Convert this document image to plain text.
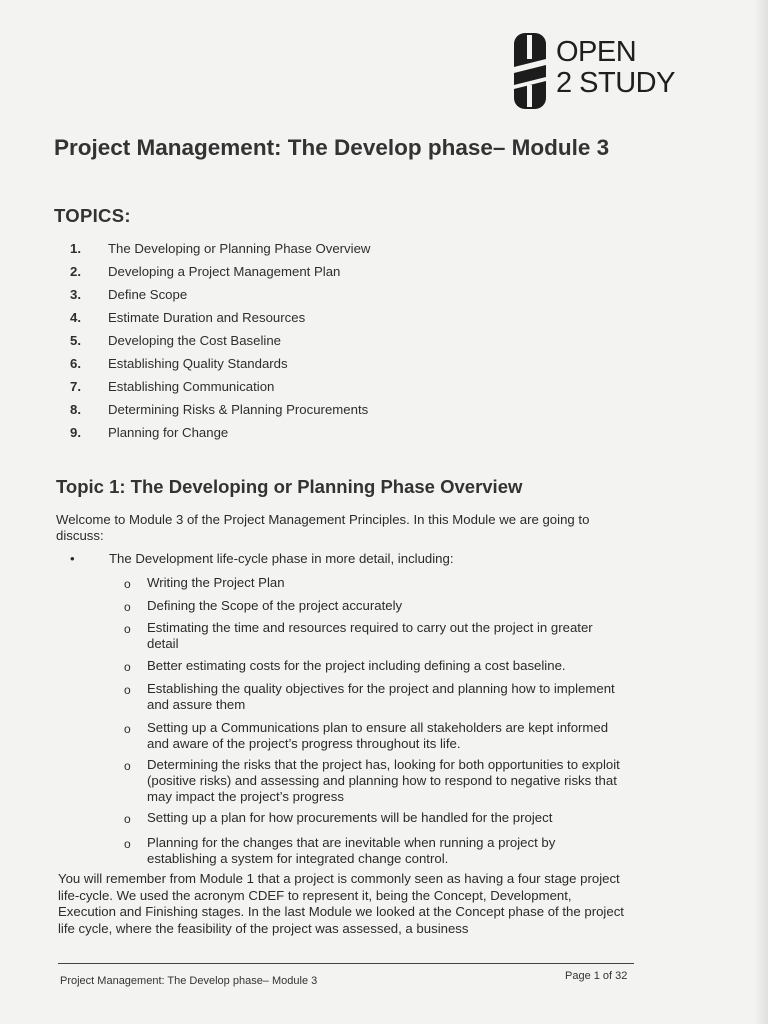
OPEN
2 STUDY
Project Management: The Develop phase– Module 3
TOPICS:
1.	The Developing or Planning Phase Overview
2.	Developing a Project Management Plan
3.	Define Scope
4.	Estimate Duration and Resources
5.	Developing the Cost Baseline
6.	Establishing Quality Standards
7.	Establishing Communication
8.	Determining Risks & Planning Procurements
9.	Planning for Change
Topic 1: The Developing or Planning Phase Overview
Welcome to Module 3 of the Project Management Principles. In this Module we are going to discuss:
•	The Development life-cycle phase in more detail, including:
o Writing the Project Plan
o Defining the Scope of the project accurately
o Estimating the time and resources required to carry out the project in greater detail
o Better estimating costs for the project including defining a cost baseline.
o Establishing the quality objectives for the project and planning how to implement and assure them
o Setting up a Communications plan to ensure all stakeholders are kept informed and aware of the project’s progress throughout its life.
o Determining the risks that the project has, looking for both opportunities to exploit (positive risks) and assessing and planning how to respond to negative risks that may impact the project’s progress
o Setting up a plan for how procurements will be handled for the project
o Planning for the changes that are inevitable when running a project by establishing a system for integrated change control.
You will remember from Module 1 that a project is commonly seen as having a four stage project life-cycle. We used the acronym CDEF to represent it, being the Concept, Development, Execution and Finishing stages. In the last Module we looked at the Concept phase of the project life cycle, where the feasibility of the project was assessed, a business
Project Management: The Develop phase– Module 3	Page 1 of 32
